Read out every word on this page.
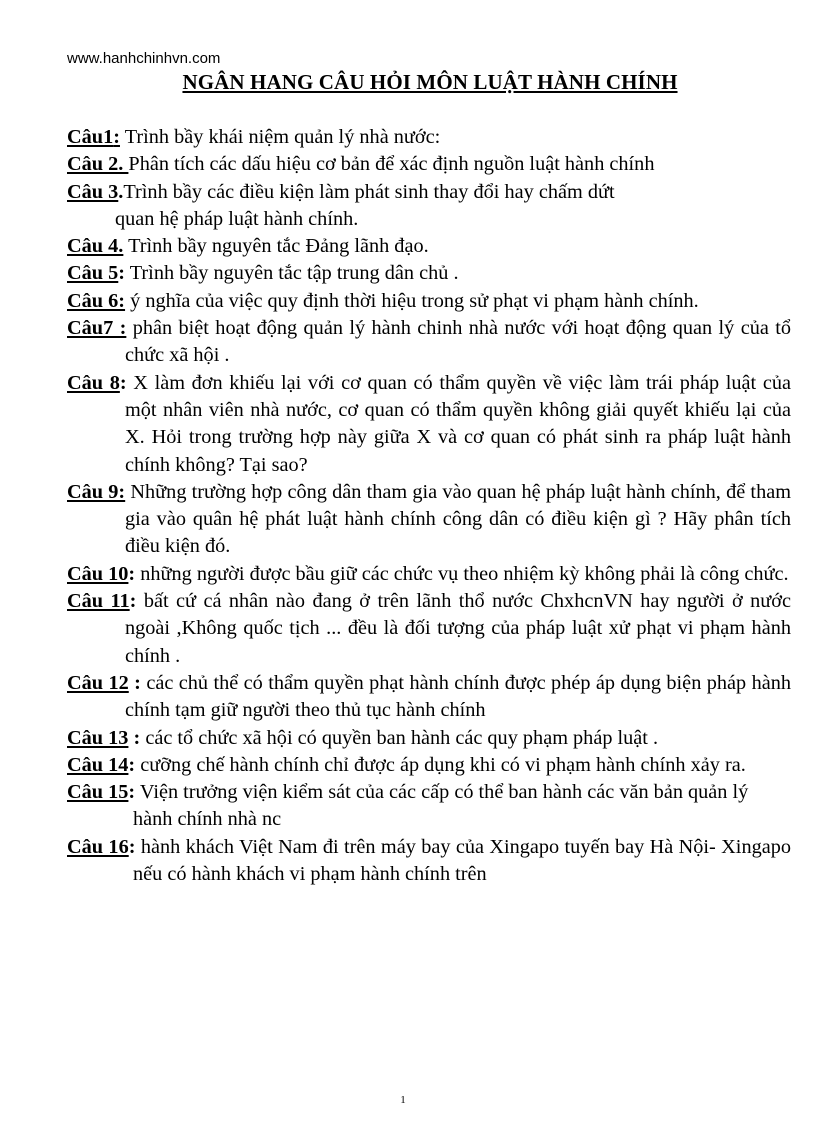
www.hanhchinhvn.com
NGÂN HANG CÂU HỎI MÔN LUẬT HÀNH CHÍNH

Câu1: Trình bầy khái niệm quản lý nhà nước:

Câu 2. Phân tích các dấu hiệu cơ bản để xác định nguồn luật hành chính

Câu 3.Trình bầy các điều kiện làm phát sinh thay đổi hay chấm dứt
quan hệ pháp luật hành chính.

Câu 4. Trình bầy nguyên tắc Đảng lãnh đạo.

Câu 5: Trình bầy nguyên tắc tập trung dân chủ .

Câu 6: ý nghĩa của việc quy định thời hiệu trong sử phạt vi phạm hành chính.

Câu7 : phân biệt hoạt động quản lý hành chinh nhà nước với hoạt động quan lý của tổ chức xã hội .

Câu 8: X làm đơn khiếu lại với cơ quan có thẩm quyền về việc làm trái pháp luật của một nhân viên nhà nước, cơ quan có thẩm quyền không giải quyết khiếu lại của X. Hỏi trong trường hợp này giữa X và cơ quan có phát sinh ra pháp luật hành chính không? Tại sao?

Câu 9: Những trường hợp công dân tham gia vào quan hệ pháp luật hành chính, để tham gia vào quân hệ phát luật hành chính công dân có điều kiện gì ? Hãy phân tích điều kiện đó.

Câu 10: những người được bầu giữ các chức vụ theo nhiệm kỳ không phải là công chức.

Câu 11: bất cứ cá nhân nào đang ở trên lãnh thổ nước ChxhcnVN hay người ở nước ngoài ,Không quốc tịch ... đều là đối tượng của pháp luật xử phạt vi phạm hành chính .

Câu 12 : các chủ thể có thẩm quyền phạt hành chính được phép áp dụng biện pháp hành chính tạm giữ người theo thủ tục hành chính

Câu 13 : các tổ chức xã hội có quyền ban hành các quy phạm pháp luật .

Câu 14: cưỡng chế hành chính chỉ được áp dụng khi có vi phạm hành chính xảy ra.

Câu 15: Viện trưởng viện kiểm sát của các cấp có thể ban hành các văn bản quản lý hành chính nhà nc

Câu 16: hành khách Việt Nam đi trên máy bay của Xingapo tuyến bay Hà Nội- Xingapo nếu có hành khách vi phạm hành chính trên

1
